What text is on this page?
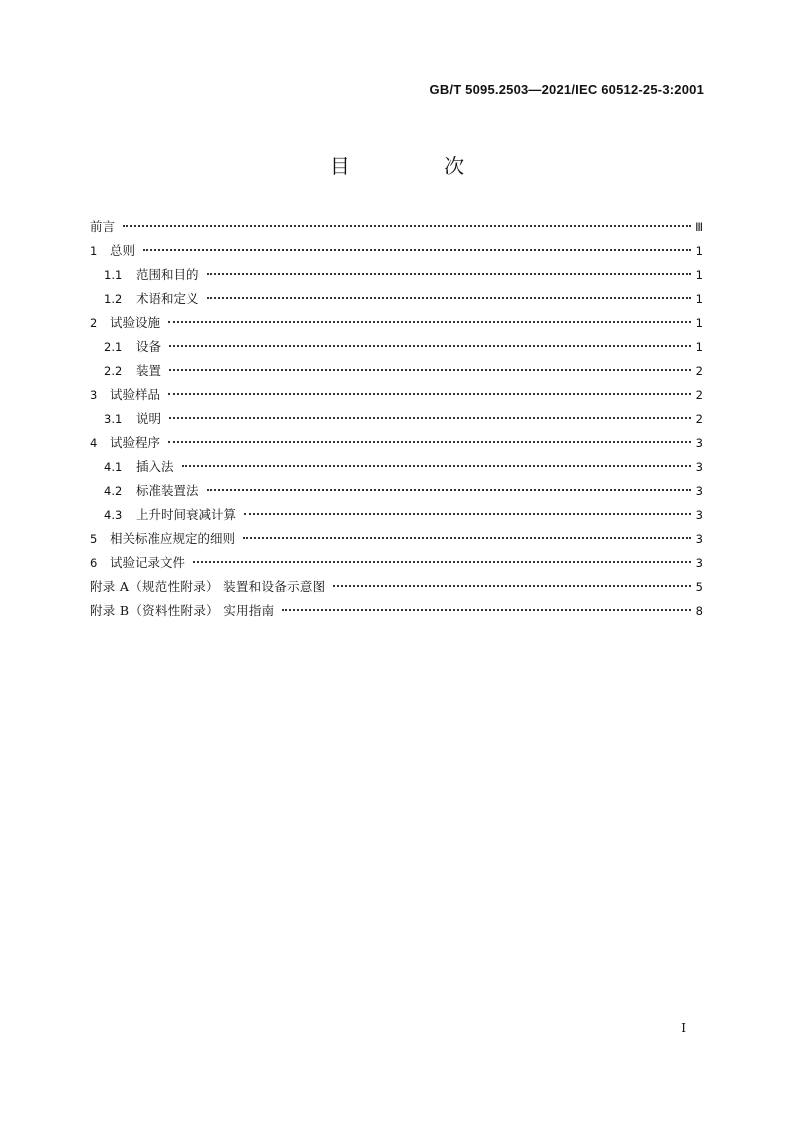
GB/T 5095.2503—2021/IEC 60512-25-3:2001
目 次
前言	Ⅲ
1 总则	1
1.1 范围和目的	1
1.2 术语和定义	1
2 试验设施	1
2.1 设备	1
2.2 装置	2
3 试验样品	2
3.1 说明	2
4 试验程序	3
4.1 插入法	3
4.2 标准装置法	3
4.3 上升时间衰减计算	3
5 相关标准应规定的细则	3
6 试验记录文件	3
附录 A（规范性附录） 装置和设备示意图	5
附录 B（资料性附录） 实用指南	8
I
